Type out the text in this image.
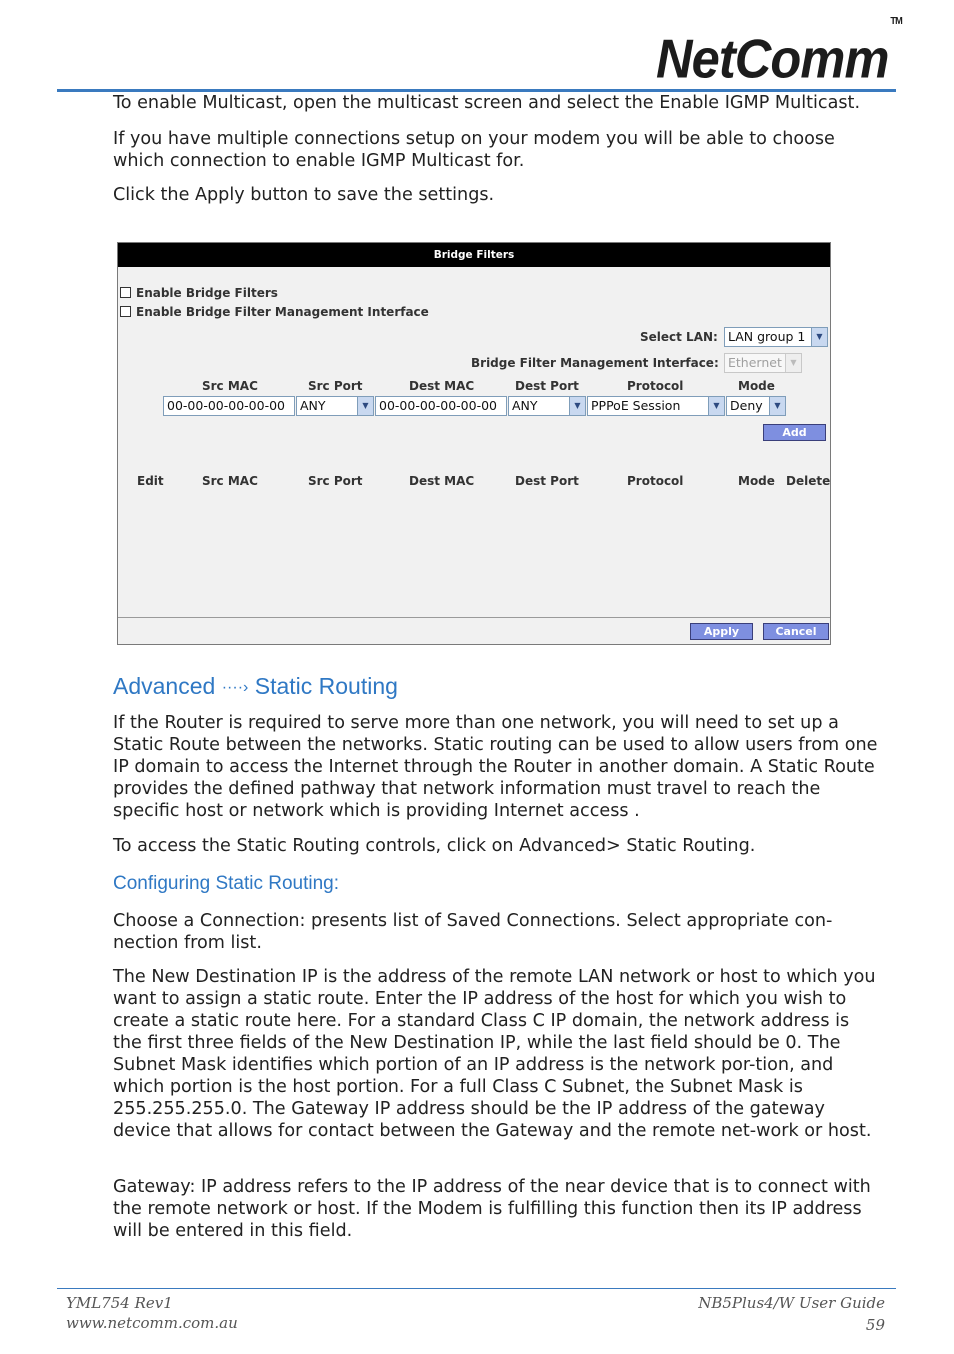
NetComm™

To enable Multicast, open the multicast screen and select the Enable IGMP Multicast.

If you have multiple connections setup on your modem you will be able to choose which connection to enable IGMP Multicast for.

Click the Apply button to save the settings.

Bridge Filters
Enable Bridge Filters
Enable Bridge Filter Management Interface
Select LAN: LAN group 1	▼
Bridge Filter Management Interface: Ethernet	▼
Src MAC	Src Port	Dest MAC	Dest Port	Protocol	Mode
00-00-00-00-00-00	ANY	▼ 00-00-00-00-00-00	ANY	▼ PPPoE Session	▼ Deny	▼
Add
Edit	Src MAC	Src Port	Dest MAC	Dest Port	Protocol	Mode Delete
Apply	Cancel
Advanced ····› Static Routing

If the Router is required to serve more than one network, you will need to set up a Static Route between the networks. Static routing can be used to allow users from one IP domain to access the Internet through the Router in another domain. A Static Route provides the defined pathway that network information must travel to reach the specific host or network which is providing Internet access .

To access the Static Routing controls, click on Advanced> Static Routing.

Configuring Static Routing:

Choose a Connection: presents list of Saved Connections. Select appropriate con-nection from list.

The New Destination IP is the address of the remote LAN network or host to which you want to assign a static route. Enter the IP address of the host for which you wish to create a static route here. For a standard Class C IP domain, the network address is the first three fields of the New Destination IP, while the last field should be 0. The Subnet Mask identifies which portion of an IP address is the network por-tion, and which portion is the host portion. For a full Class C Subnet, the Subnet Mask is 255.255.255.0. The Gateway IP address should be the IP address of the gateway device that allows for contact between the Gateway and the remote net-work or host.

Gateway: IP address refers to the IP address of the near device that is to connect with the remote network or host. If the Modem is fulfilling this function then its IP address will be entered in this field.

YML754 Rev1

www.netcomm.com.au

NB5Plus4/W User Guide

59
